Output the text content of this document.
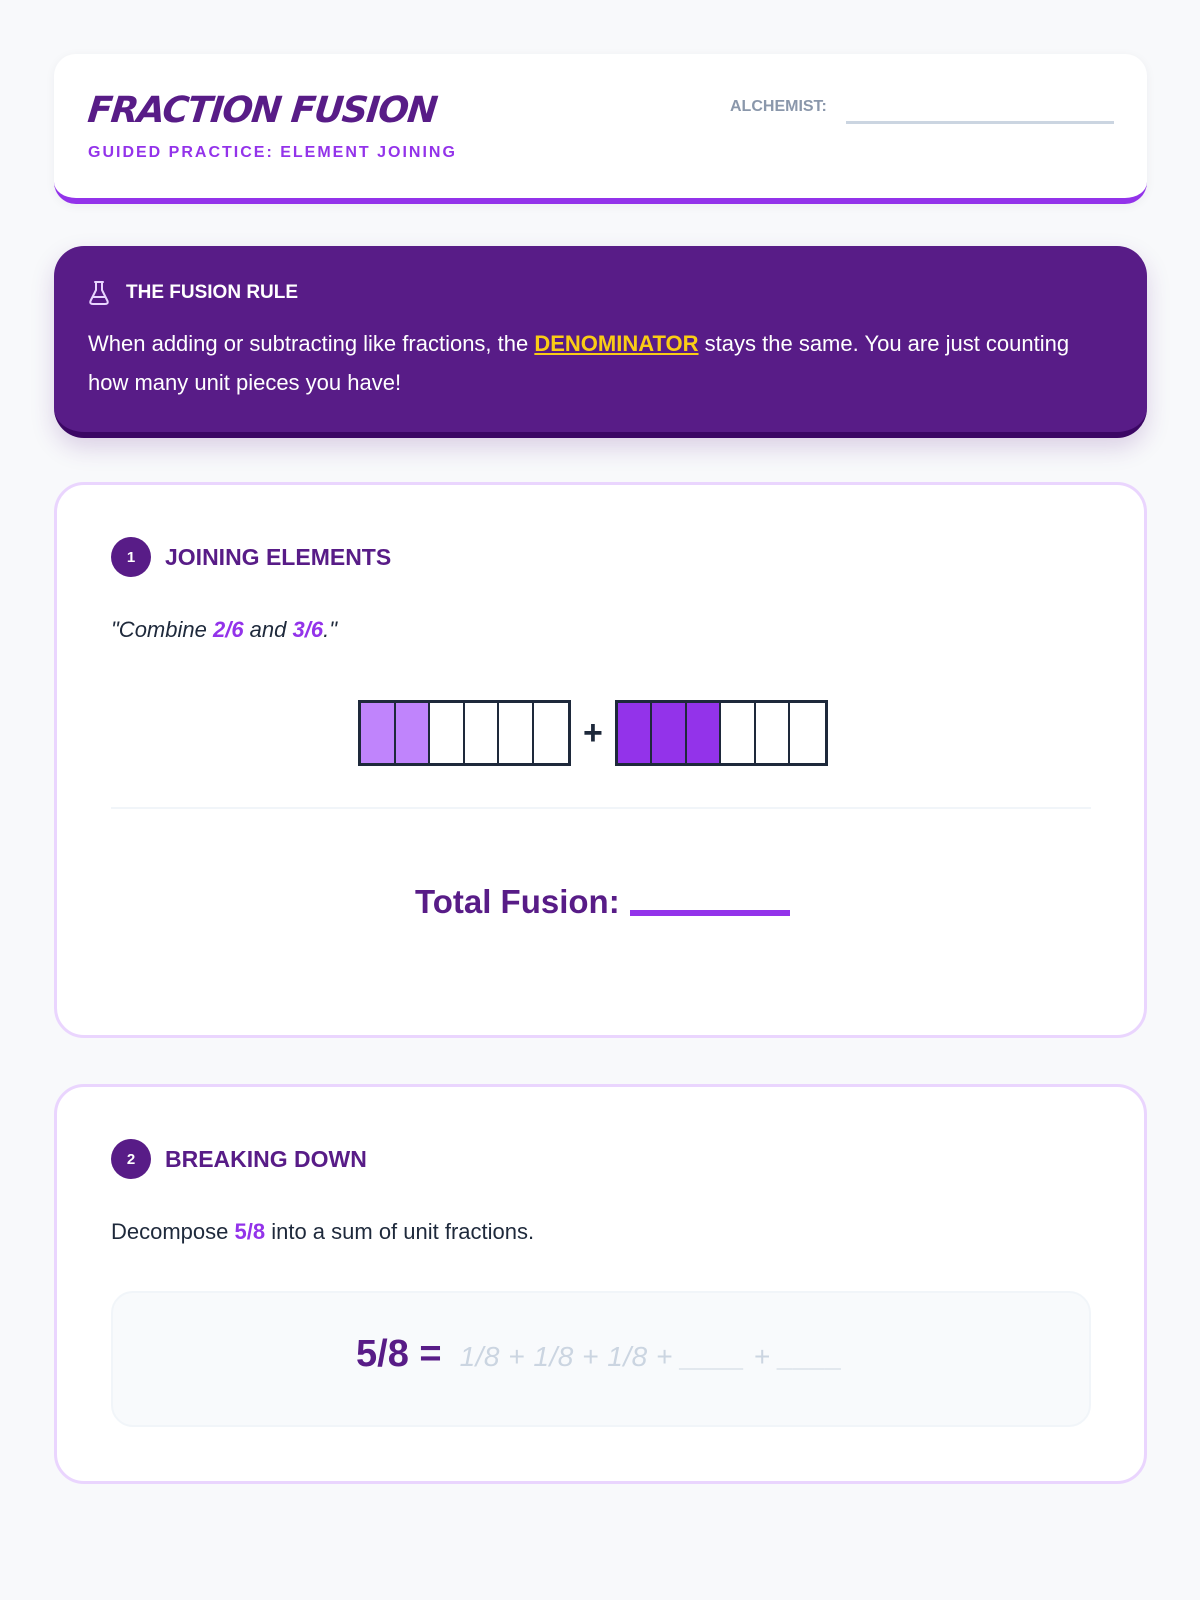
FRACTION FUSION
GUIDED PRACTICE: ELEMENT JOINING
ALCHEMIST:
THE FUSION RULE
When adding or subtracting like fractions, the DENOMINATOR stays the same. You are just counting how many unit pieces you have!
1	JOINING ELEMENTS
"Combine 2/6 and 3/6."
+
Total Fusion:
2	BREAKING DOWN
Decompose 5/8 into a sum of unit fractions.
5/8 = 1/8 + 1/8 + 1/8 + ____ + ____
